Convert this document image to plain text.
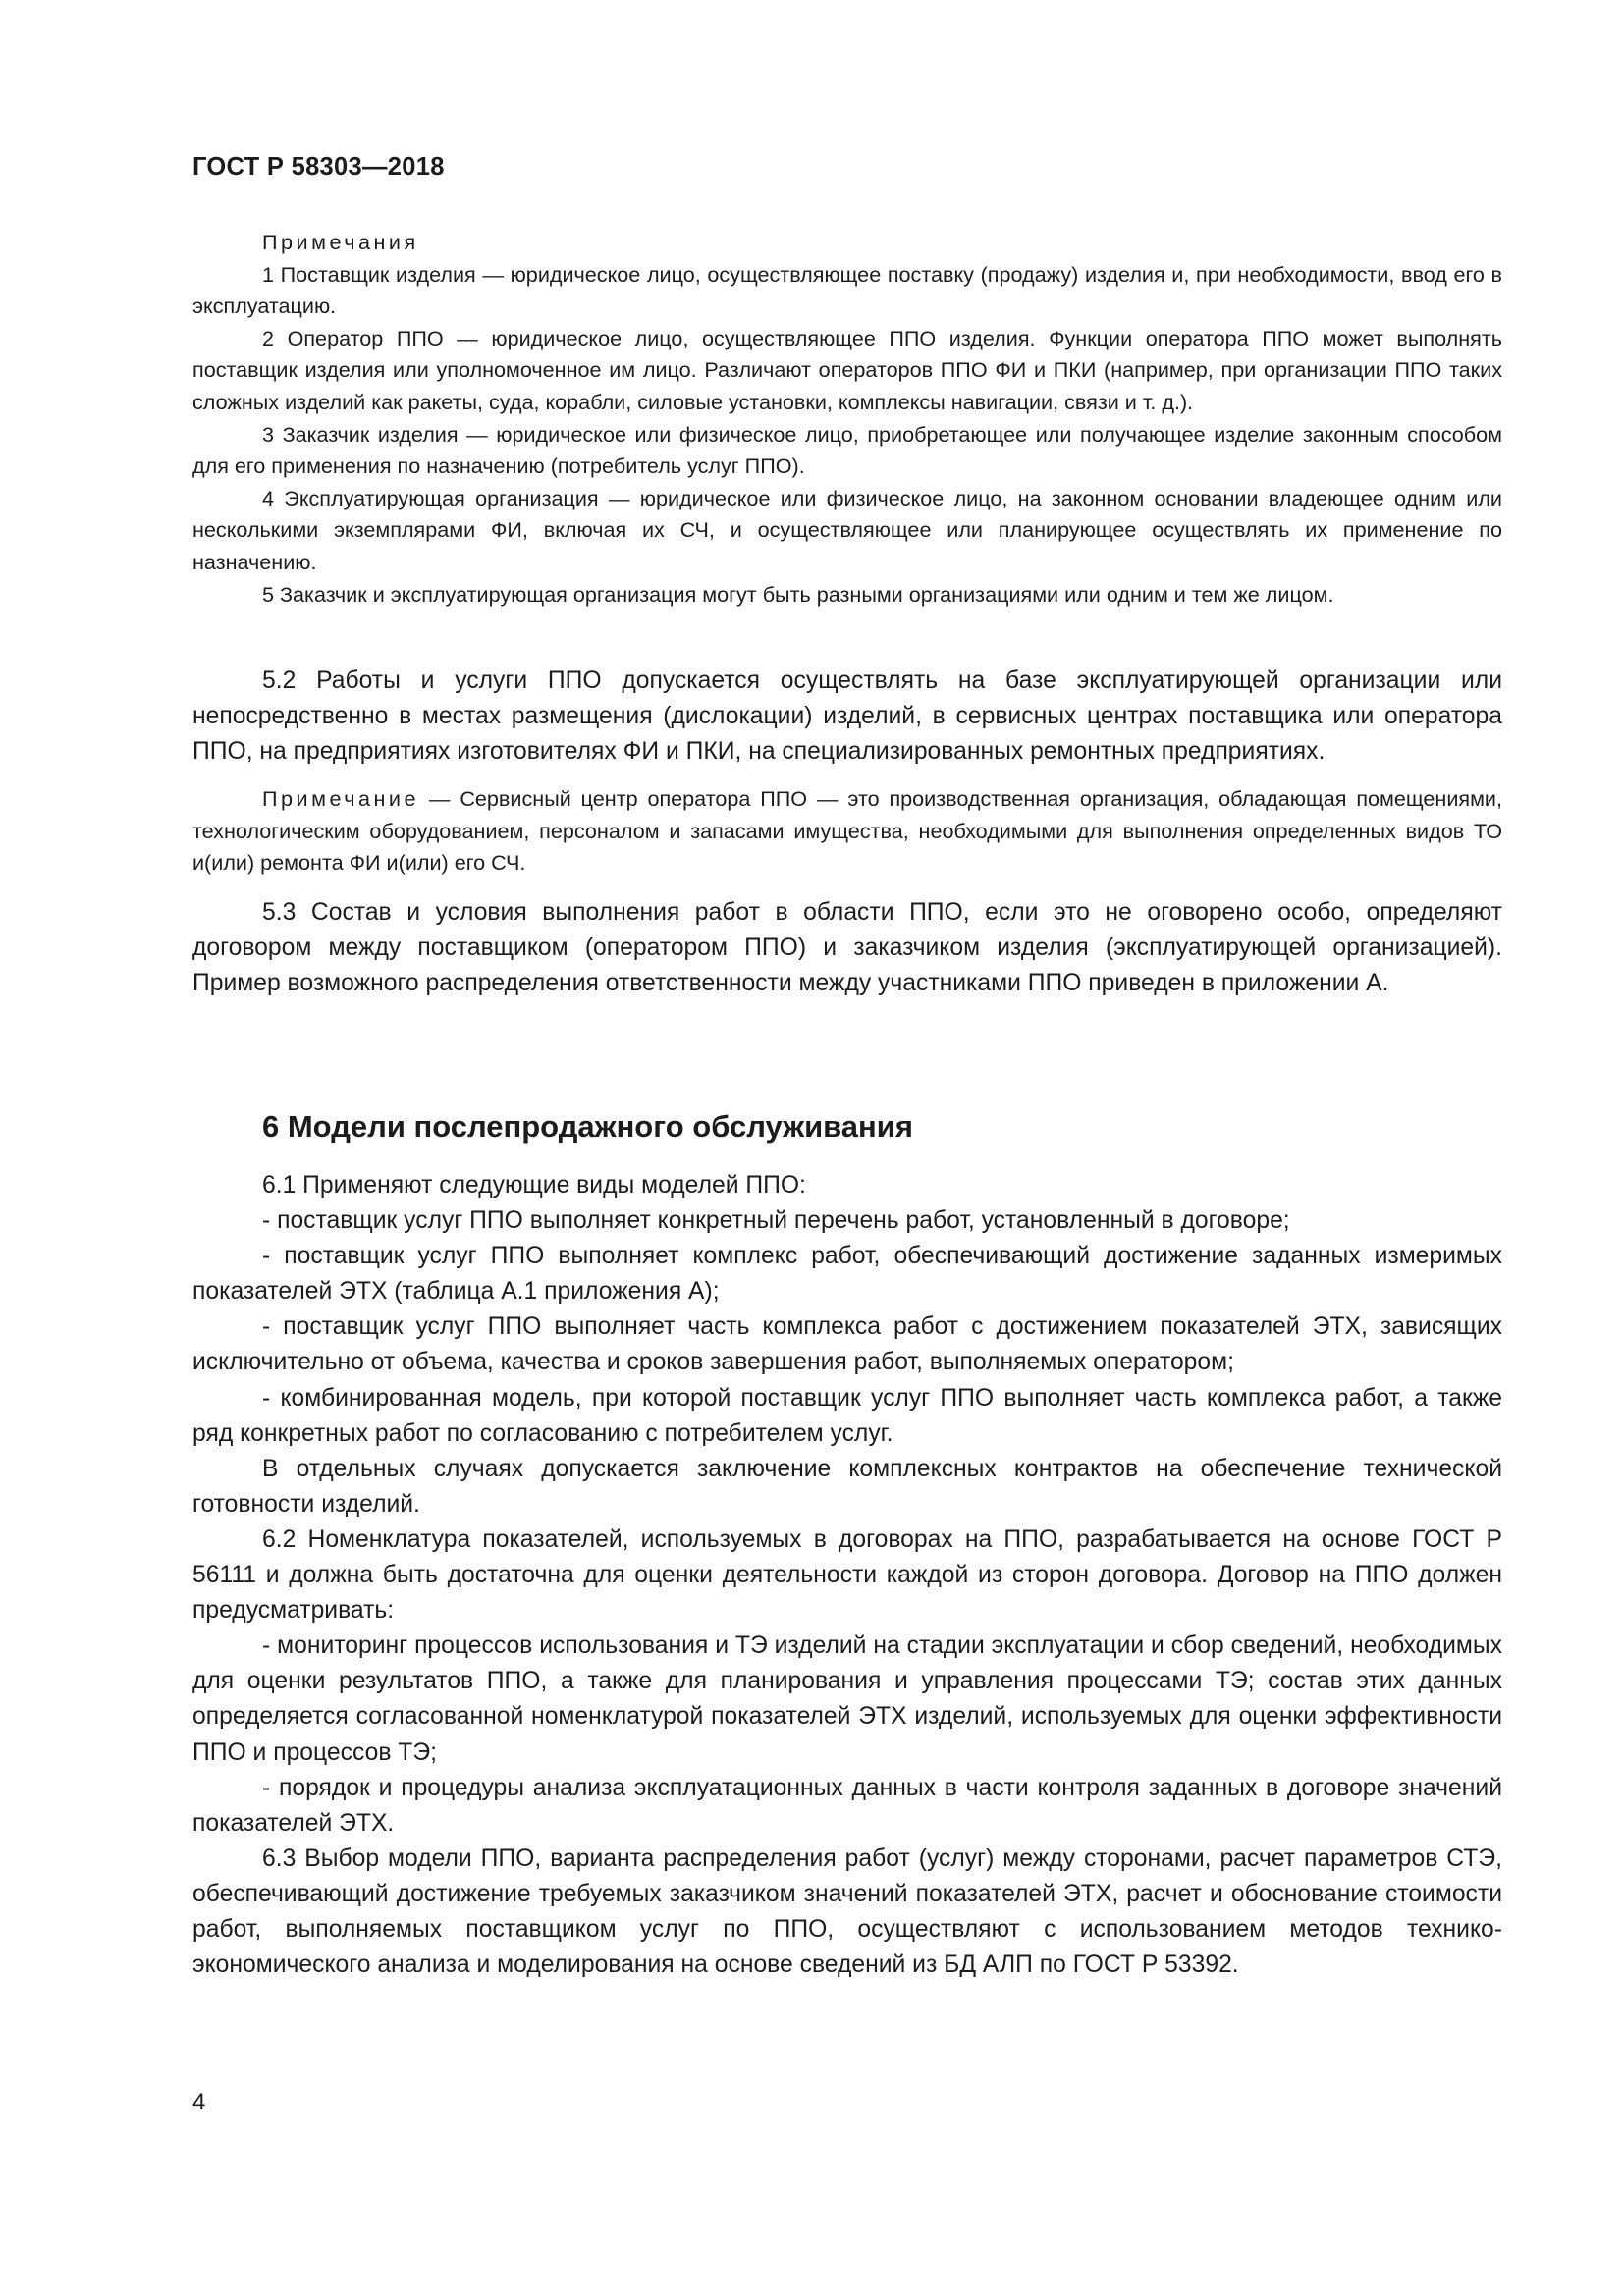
ГОСТ Р 58303—2018

Примечания

1 Поставщик изделия — юридическое лицо, осуществляющее поставку (продажу) изделия и, при необходимости, ввод его в эксплуатацию.

2 Оператор ППО — юридическое лицо, осуществляющее ППО изделия. Функции оператора ППО может выполнять поставщик изделия или уполномоченное им лицо. Различают операторов ППО ФИ и ПКИ (например, при организации ППО таких сложных изделий как ракеты, суда, корабли, силовые установки, комплексы навигации, связи и т. д.).

3 Заказчик изделия — юридическое или физическое лицо, приобретающее или получающее изделие законным способом для его применения по назначению (потребитель услуг ППО).

4 Эксплуатирующая организация — юридическое или физическое лицо, на законном основании владеющее одним или несколькими экземплярами ФИ, включая их СЧ, и осуществляющее или планирующее осуществлять их применение по назначению.

5 Заказчик и эксплуатирующая организация могут быть разными организациями или одним и тем же лицом.

5.2 Работы и услуги ППО допускается осуществлять на базе эксплуатирующей организации или непосредственно в местах размещения (дислокации) изделий, в сервисных центрах поставщика или оператора ППО, на предприятиях изготовителях ФИ и ПКИ, на специализированных ремонтных предприятиях.

Примечание — Сервисный центр оператора ППО — это производственная организация, обладающая помещениями, технологическим оборудованием, персоналом и запасами имущества, необходимыми для выполнения определенных видов ТО и(или) ремонта ФИ и(или) его СЧ.

5.3 Состав и условия выполнения работ в области ППО, если это не оговорено особо, определяют договором между поставщиком (оператором ППО) и заказчиком изделия (эксплуатирующей организацией). Пример возможного распределения ответственности между участниками ППО приведен в приложении А.

6 Модели послепродажного обслуживания

6.1 Применяют следующие виды моделей ППО:

- поставщик услуг ППО выполняет конкретный перечень работ, установленный в договоре;

- поставщик услуг ППО выполняет комплекс работ, обеспечивающий достижение заданных измеримых показателей ЭТХ (таблица А.1 приложения А);

- поставщик услуг ППО выполняет часть комплекса работ с достижением показателей ЭТХ, зависящих исключительно от объема, качества и сроков завершения работ, выполняемых оператором;

- комбинированная модель, при которой поставщик услуг ППО выполняет часть комплекса работ, а также ряд конкретных работ по согласованию с потребителем услуг.

В отдельных случаях допускается заключение комплексных контрактов на обеспечение технической готовности изделий.

6.2 Номенклатура показателей, используемых в договорах на ППО, разрабатывается на основе ГОСТ Р 56111 и должна быть достаточна для оценки деятельности каждой из сторон договора. Договор на ППО должен предусматривать:

- мониторинг процессов использования и ТЭ изделий на стадии эксплуатации и сбор сведений, необходимых для оценки результатов ППО, а также для планирования и управления процессами ТЭ; состав этих данных определяется согласованной номенклатурой показателей ЭТХ изделий, используемых для оценки эффективности ППО и процессов ТЭ;

- порядок и процедуры анализа эксплуатационных данных в части контроля заданных в договоре значений показателей ЭТХ.

6.3 Выбор модели ППО, варианта распределения работ (услуг) между сторонами, расчет параметров СТЭ, обеспечивающий достижение требуемых заказчиком значений показателей ЭТХ, расчет и обоснование стоимости работ, выполняемых поставщиком услуг по ППО, осуществляют с использованием методов технико-экономического анализа и моделирования на основе сведений из БД АЛП по ГОСТ Р 53392.

4
